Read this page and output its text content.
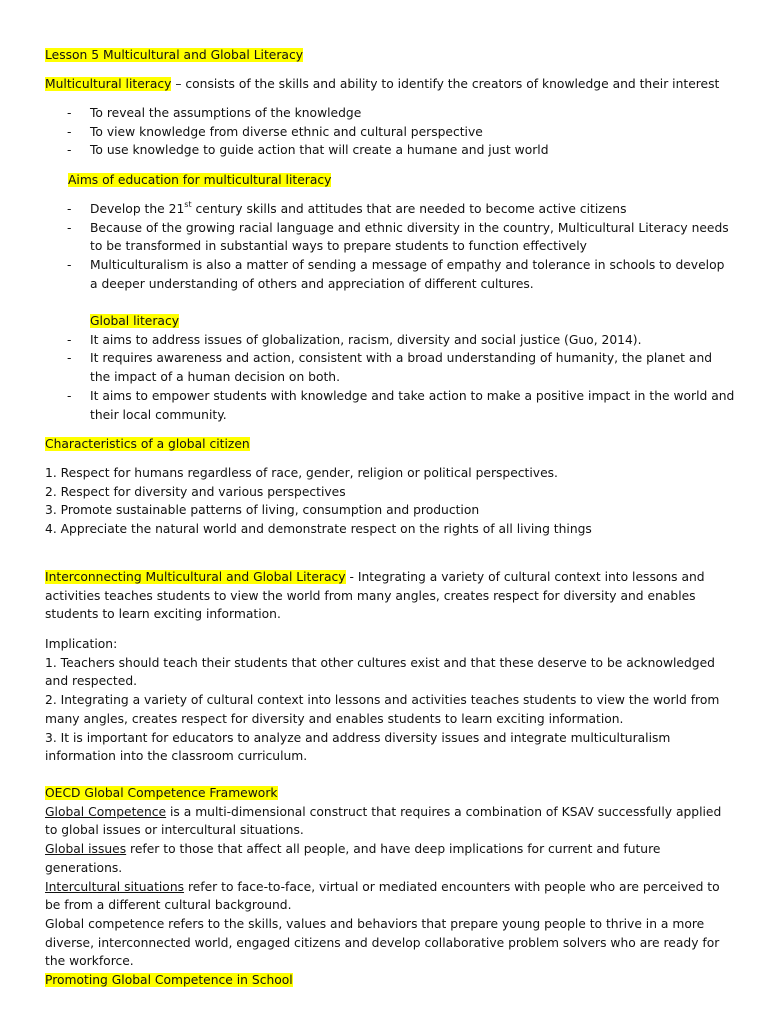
Lesson 5 Multicultural and Global Literacy

Multicultural literacy – consists of the skills and ability to identify the creators of knowledge and their interest

- To reveal the assumptions of the knowledge
- To view knowledge from diverse ethnic and cultural perspective
- To use knowledge to guide action that will create a humane and just world

Aims of education for multicultural literacy

- Develop the 21st century skills and attitudes that are needed to become active citizens
- Because of the growing racial language and ethnic diversity in the country, Multicultural Literacy needs to be transformed in substantial ways to prepare students to function effectively
- Multiculturalism is also a matter of sending a message of empathy and tolerance in schools to develop a deeper understanding of others and appreciation of different cultures.
Global literacy
- It aims to address issues of globalization, racism, diversity and social justice (Guo, 2014).
- It requires awareness and action, consistent with a broad understanding of humanity, the planet and the impact of a human decision on both.
- It aims to empower students with knowledge and take action to make a positive impact in the world and their local community.

Characteristics of a global citizen

1. Respect for humans regardless of race, gender, religion or political perspectives.

2. Respect for diversity and various perspectives

3. Promote sustainable patterns of living, consumption and production

4. Appreciate the natural world and demonstrate respect on the rights of all living things

Interconnecting Multicultural and Global Literacy - Integrating a variety of cultural context into lessons and activities teaches students to view the world from many angles, creates respect for diversity and enables students to learn exciting information.

Implication:

1. Teachers should teach their students that other cultures exist and that these deserve to be acknowledged and respected.

2. Integrating a variety of cultural context into lessons and activities teaches students to view the world from many angles, creates respect for diversity and enables students to learn exciting information.

3. It is important for educators to analyze and address diversity issues and integrate multiculturalism information into the classroom curriculum.

OECD Global Competence Framework

Global Competence is a multi-dimensional construct that requires a combination of KSAV successfully applied to global issues or intercultural situations.

Global issues refer to those that affect all people, and have deep implications for current and future generations.

Intercultural situations refer to face-to-face, virtual or mediated encounters with people who are perceived to be from a different cultural background.

Global competence refers to the skills, values and behaviors that prepare young people to thrive in a more diverse, interconnected world, engaged citizens and develop collaborative problem solvers who are ready for the workforce.

Promoting Global Competence in School
